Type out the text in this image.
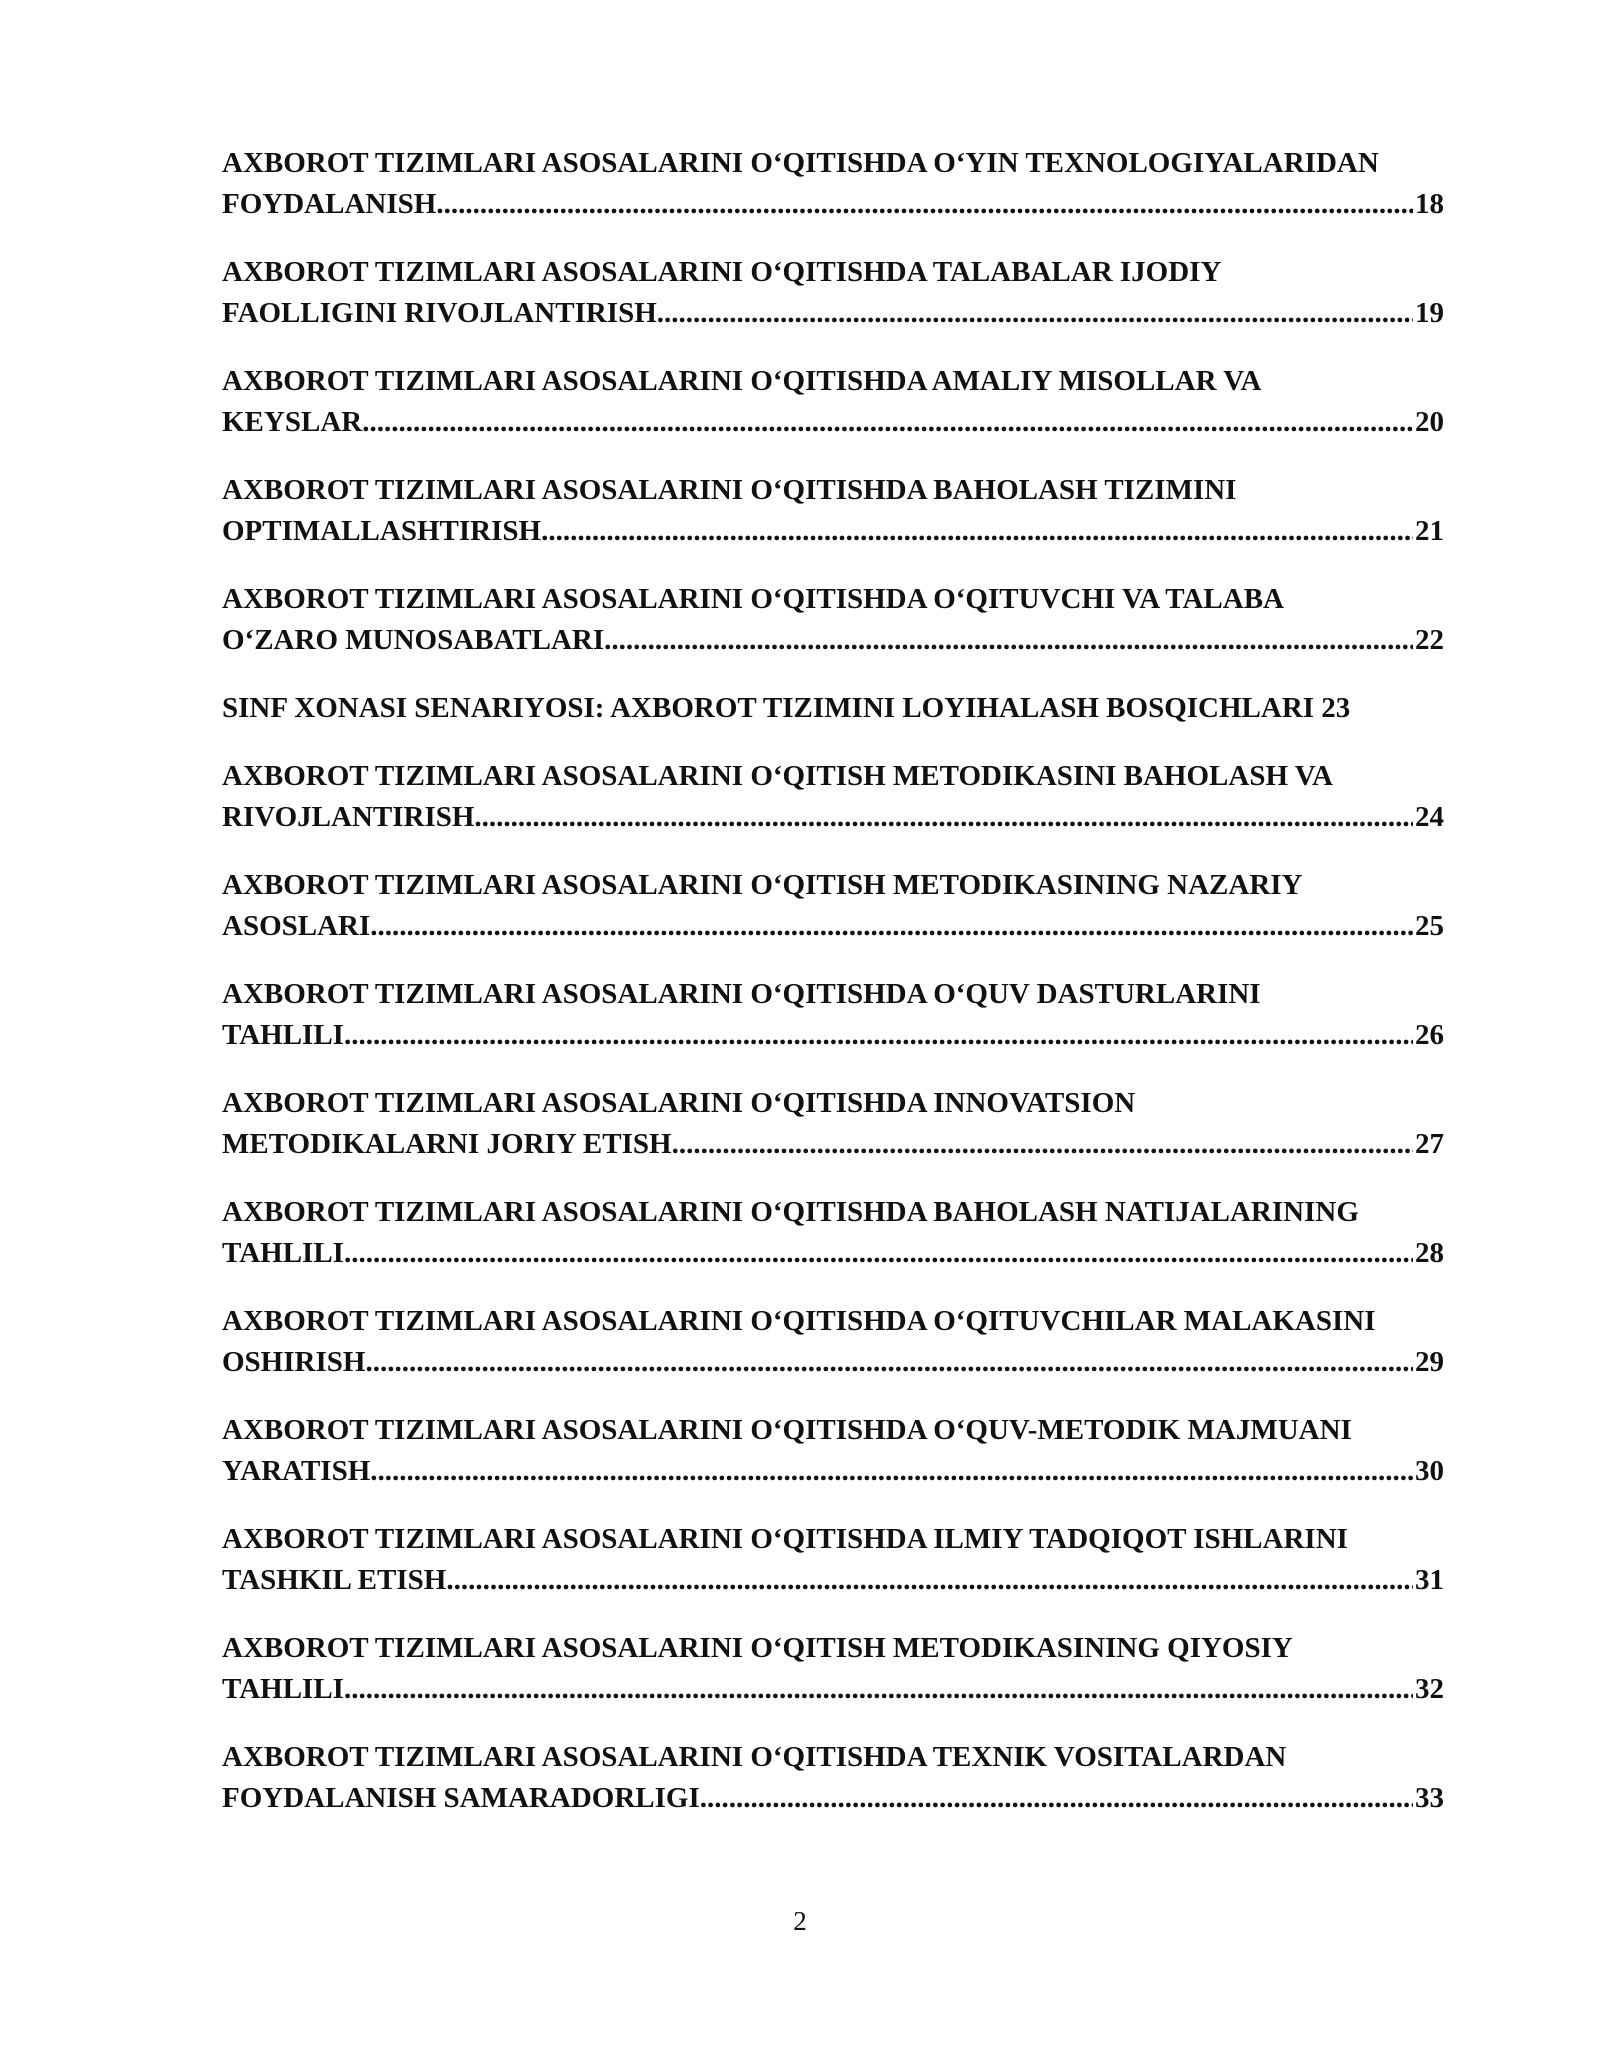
AXBOROT TIZIMLARI ASOSALARINI O‘QITISHDA O‘YIN TEXNOLOGIYALARIDAN
FOYDALANISH .....	18
AXBOROT TIZIMLARI ASOSALARINI O‘QITISHDA TALABALAR IJODIY
FAOLLIGINI RIVOJLANTIRISH .....	19
AXBOROT TIZIMLARI ASOSALARINI O‘QITISHDA AMALIY MISOLLAR VA
KEYSLAR .....	20
AXBOROT TIZIMLARI ASOSALARINI O‘QITISHDA BAHOLASH TIZIMINI
OPTIMALLASHTIRISH .....	21
AXBOROT TIZIMLARI ASOSALARINI O‘QITISHDA O‘QITUVCHI VA TALABA
O‘ZARO MUNOSABATLARI .....	22
SINF XONASI SENARIYOSI: AXBOROT TIZIMINI LOYIHALASH BOSQICHLARI 23
AXBOROT TIZIMLARI ASOSALARINI O‘QITISH METODIKASINI BAHOLASH VA
RIVOJLANTIRISH .....	24
AXBOROT TIZIMLARI ASOSALARINI O‘QITISH METODIKASINING NAZARIY
ASOSLARI .....	25
AXBOROT TIZIMLARI ASOSALARINI O‘QITISHDA O‘QUV DASTURLARINI
TAHLILI .....	26
AXBOROT TIZIMLARI ASOSALARINI O‘QITISHDA INNOVATSION
METODIKALARNI JORIY ETISH .....	27
AXBOROT TIZIMLARI ASOSALARINI O‘QITISHDA BAHOLASH NATIJALARINING
TAHLILI .....	28
AXBOROT TIZIMLARI ASOSALARINI O‘QITISHDA O‘QITUVCHILAR MALAKASINI
OSHIRISH .....	29
AXBOROT TIZIMLARI ASOSALARINI O‘QITISHDA O‘QUV-METODIK MAJMUANI
YARATISH .....	30
AXBOROT TIZIMLARI ASOSALARINI O‘QITISHDA ILMIY TADQIQOT ISHLARINI
TASHKIL ETISH .....	31
AXBOROT TIZIMLARI ASOSALARINI O‘QITISH METODIKASINING QIYOSIY
TAHLILI .....	32
AXBOROT TIZIMLARI ASOSALARINI O‘QITISHDA TEXNIK VOSITALARDAN
FOYDALANISH SAMARADORLIGI .....	33
2
